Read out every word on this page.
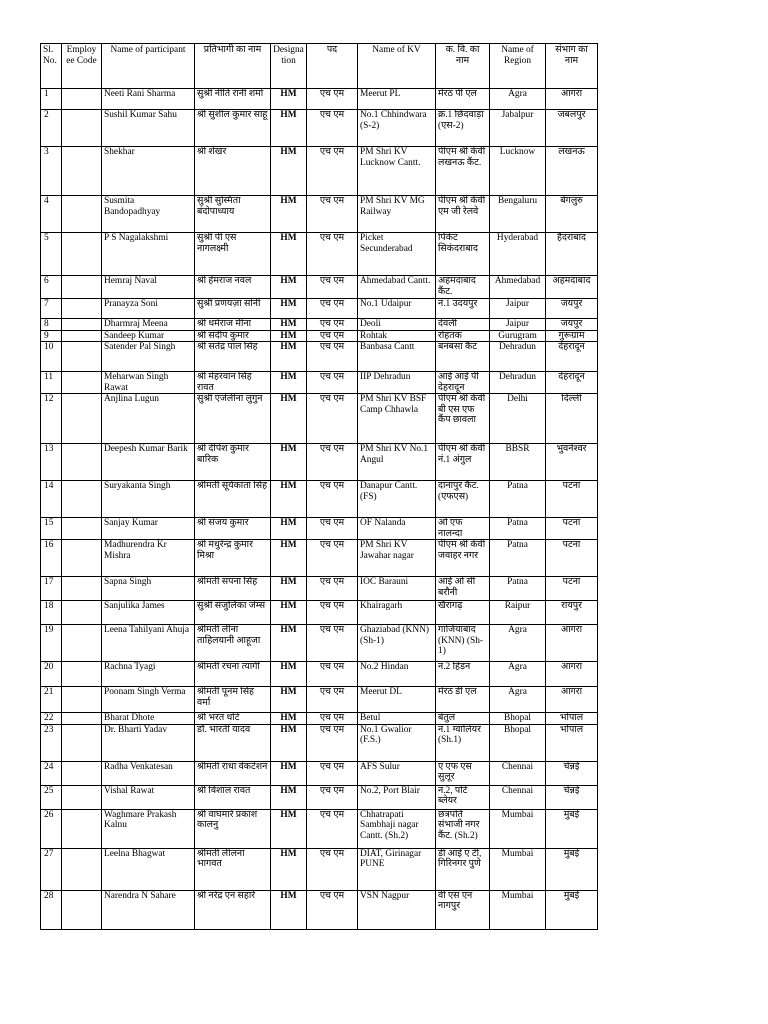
Sl. No.	Employ ee Code	Name of participant	प्रतिभागी का नाम	Designa tion	पद	Name of KV	क. वि. का नाम	Name of Region	संभाग का नाम
1		Neeti Rani Sharma	सुश्री नीति रानी शर्मा	HM	एच एम	Meerut PL	मेरठ पी एल	Agra	आगरा
2		Sushil Kumar Sahu	श्री सुशील कुमार साहू	HM	एच एम	No.1 Chhindwara (S-2)	क्र.1 छिंदवाड़ा (एस-2)	Jabalpur	जबलपुर
3		Shekhar	श्री शेखर	HM	एच एम	PM Shri KV Lucknow Cantt.	पीएम श्री केवी लखनऊ कैंट.	Lucknow	लखनऊ
4		Susmita Bandopadhyay	सुश्री सुस्मिता बंदोपाध्याय	HM	एच एम	PM Shri KV MG Railway	पीएम श्री केवी एम जी रेलवे	Bengaluru	बेंगलुरु
5		P S Nagalakshmi	सुश्री पी एस नागलक्ष्मी	HM	एच एम	Picket Secunderabad	पिकेट सिकंदराबाद	Hyderabad	हैदराबाद
6		Hemraj Naval	श्री हेमराज नवल	HM	एच एम	Ahmedabad Cantt.	अहमदाबाद कैंट.	Ahmedabad	अहमदाबाद
7		Pranayza Soni	सुश्री प्रणयज़ा सोनी	HM	एच एम	No.1 Udaipur	नं.1 उदयपुर	Jaipur	जयपुर
8		Dharmraj Meena	श्री धर्मराज मीना	HM	एच एम	Deoli	देवली	Jaipur	जयपुर
9		Sandeep Kumar	श्री संदीप कुमार	HM	एच एम	Rohtak	रोहतक	Gurugram	गुरूग्राम
10		Satender Pal Singh	श्री सतेंद्र पाल सिंह	HM	एच एम	Banbasa Cantt	बनबसा कैंट	Dehradun	देहरादून
11		Meharwan Singh Rawat	श्री मेहरवान सिंह रावत	HM	एच एम	IIP Dehradun	आई आई पी देहरादून	Dehradun	देहरादून
12		Anjlina Lugun	सुश्री एंजेलीना लुगुन	HM	एच एम	PM Shri KV BSF Camp Chhawla	पीएम श्री केवी बी एस एफ कैंप छावला	Delhi	दिल्ली
13		Deepesh Kumar Barik	श्री दीपेश कुमार बारिक	HM	एच एम	PM Shri KV No.1 Angul	पीएम श्री केवी नं.1 अंगुल	BBSR	भुवनेश्वर
14		Suryakanta Singh	श्रीमती सूर्यकांता सिंह	HM	एच एम	Danapur Cantt. (FS)	दानापुर कैंट. (एफएस)	Patna	पटना
15		Sanjay Kumar	श्री संजय कुमार	HM	एच एम	OF Nalanda	ओ एफ नालन्दा	Patna	पटना
16		Madhurendra Kr Mishra	श्री मधुरेन्द्र कुमार मिश्रा	HM	एच एम	PM Shri KV Jawahar nagar	पीएम श्री केवी जवाहर नगर	Patna	पटना
17		Sapna Singh	श्रीमती सपना सिंह	HM	एच एम	IOC Barauni	आई ओ सी बरौनी	Patna	पटना
18		Sanjulika James	सुश्री संजुलिका जेम्स	HM	एच एम	Khairagarh	खैरागढ़	Raipur	रायपुर
19		Leena Tahilyani Ahuja	श्रीमती लीना ताहिलयानी आहूजा	HM	एच एम	Ghaziabad (KNN) (Sh-1)	गाजियाबाद (KNN) (Sh-1)	Agra	आगरा
20		Rachna Tyagi	श्रीमती रचना त्यागी	HM	एच एम	No.2 Hindan	नं.2 हिंडन	Agra	आगरा
21		Poonam Singh Verma	श्रीमती पूनम सिंह वर्मा	HM	एच एम	Meerut DL	मेरठ डी एल	Agra	आगरा
22		Bharat Dhote	श्री भरत धोटे	HM	एच एम	Betul	बेतुल	Bhopal	भोपाल
23		Dr. Bharti Yadav	डॉ. भारती यादव	HM	एच एम	No.1 Gwalior (F.S.)	नं.1 ग्वालियर (Sh.1)	Bhopal	भोपाल
24		Radha Venkatesan	श्रीमती राधा वेंकटेशन	HM	एच एम	AFS Sulur	ए एफ एस सुलूर	Chennai	चेन्नई
25		Vishal Rawat	श्री विशाल रावत	HM	एच एम	No.2, Port Blair	नं.2, पोर्ट ब्लेयर	Chennai	चेन्नई
26		Waghmare Prakash Kalnu	श्री वाघमारे प्रकाश कालनु	HM	एच एम	Chhatrapati Sambhaji nagar Cantt. (Sh.2)	छत्रपति संभाजी नगर कैंट. (Sh.2)	Mumbai	मुंबई
27		Leelna Bhagwat	श्रीमती लीलना भागवत	HM	एच एम	DIAT, Girinagar PUNE	डी आई ए टी, गिरिनगर पुणे	Mumbai	मुंबई
28		Narendra N Sahare	श्री नरेंद्र एन सहारे	HM	एच एम	VSN Nagpur	वी एस एन नागपुर	Mumbai	मुंबई
